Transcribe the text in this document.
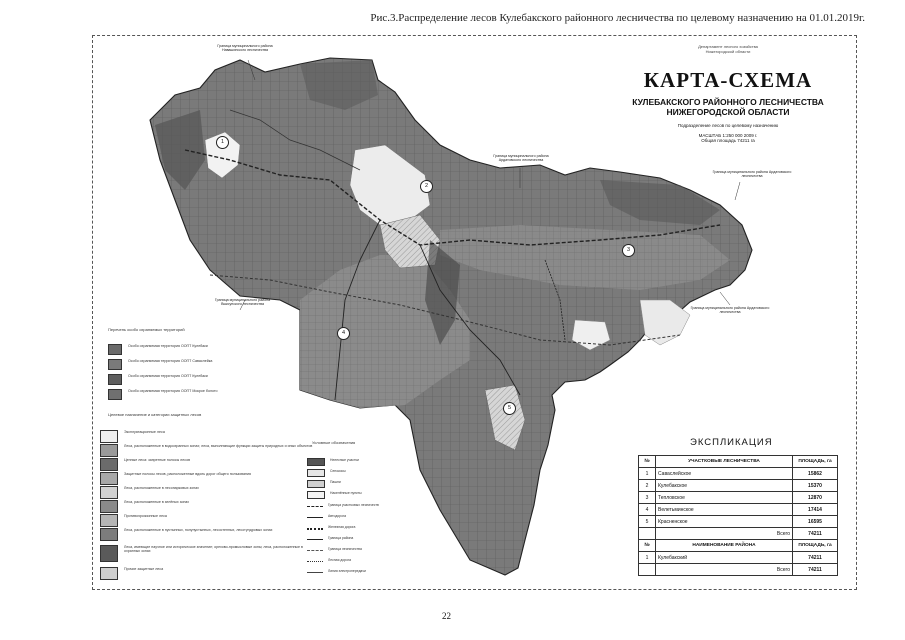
Рис.3.Распределение лесов Кулебакского районного лесничества по целевому назначению на 01.01.2019г.
1
2
3
4
5
Граница муниципального района Навашинского лесничества
Граница муниципального района Ардатовского лесничества
Граница муниципального района Ардатовского лесничества
Граница муниципального района Ардатовского лесничества
Граница муниципального района Выксунского лесничества
Департамент лесного хозяйства
Нижегородской области
КАРТА-СХЕМА
КУЛЕБАКСКОГО РАЙОННОГО ЛЕСНИЧЕСТВА
НИЖЕГОРОДСКОЙ ОБЛАСТИ
Подразделение лесов по целевому назначению
МАСШТАБ 1:250 000 2009 г.
Общая площадь 74211 га
ЭКСПЛИКАЦИЯ
№	УЧАСТКОВЫЕ ЛЕСНИЧЕСТВА	ПЛОЩАДЬ, га
1	Саваслейское	15862
2	Кулебакское	15370
3	Тепловское	12870
4	Велетьминское	17414
5	Красненское	16595
	Всего	74211
№	НАИМЕНОВАНИЕ РАЙОНА	ПЛОЩАДЬ, га
1	Кулебакский	74211
	Всего	74211
Перечень особо охраняемых территорий
Особо охраняемая территория ООПТ Кулебаки
Особо охраняемая территория ООПТ Саваслейка
Особо охраняемая территория ООПТ Кулебаки
Особо охраняемая территория ООПТ Мокрое болото
Целевое назначение и категории защитных лесов
Эксплуатационные леса
Леса, расположенные в водоохранных зонах; леса, выполняющие функции защиты природных и иных объектов
Ценные леса: запретные полосы лесов
Защитные полосы лесов, расположенные вдоль дорог общего пользования
Леса, расположенные в лесопарковых зонах
Леса, расположенные в зелёных зонах
Противоэрозионные леса
Леса, расположенные в пустынных, полупустынных, лесостепных, лесотундровых зонах
Леса, имеющие научное или историческое значение; орехово-промысловые зоны; леса, расположенные в охранных зонах
Прочие защитные леса
Условные обозначения
Нелесные участки
Сенокосы
Пашни
Населённые пункты
Граница участковых лесничеств
Автодорога
Железная дорога
Граница района
Граница лесничества
Лесная дорога
Линия электропередачи
22
